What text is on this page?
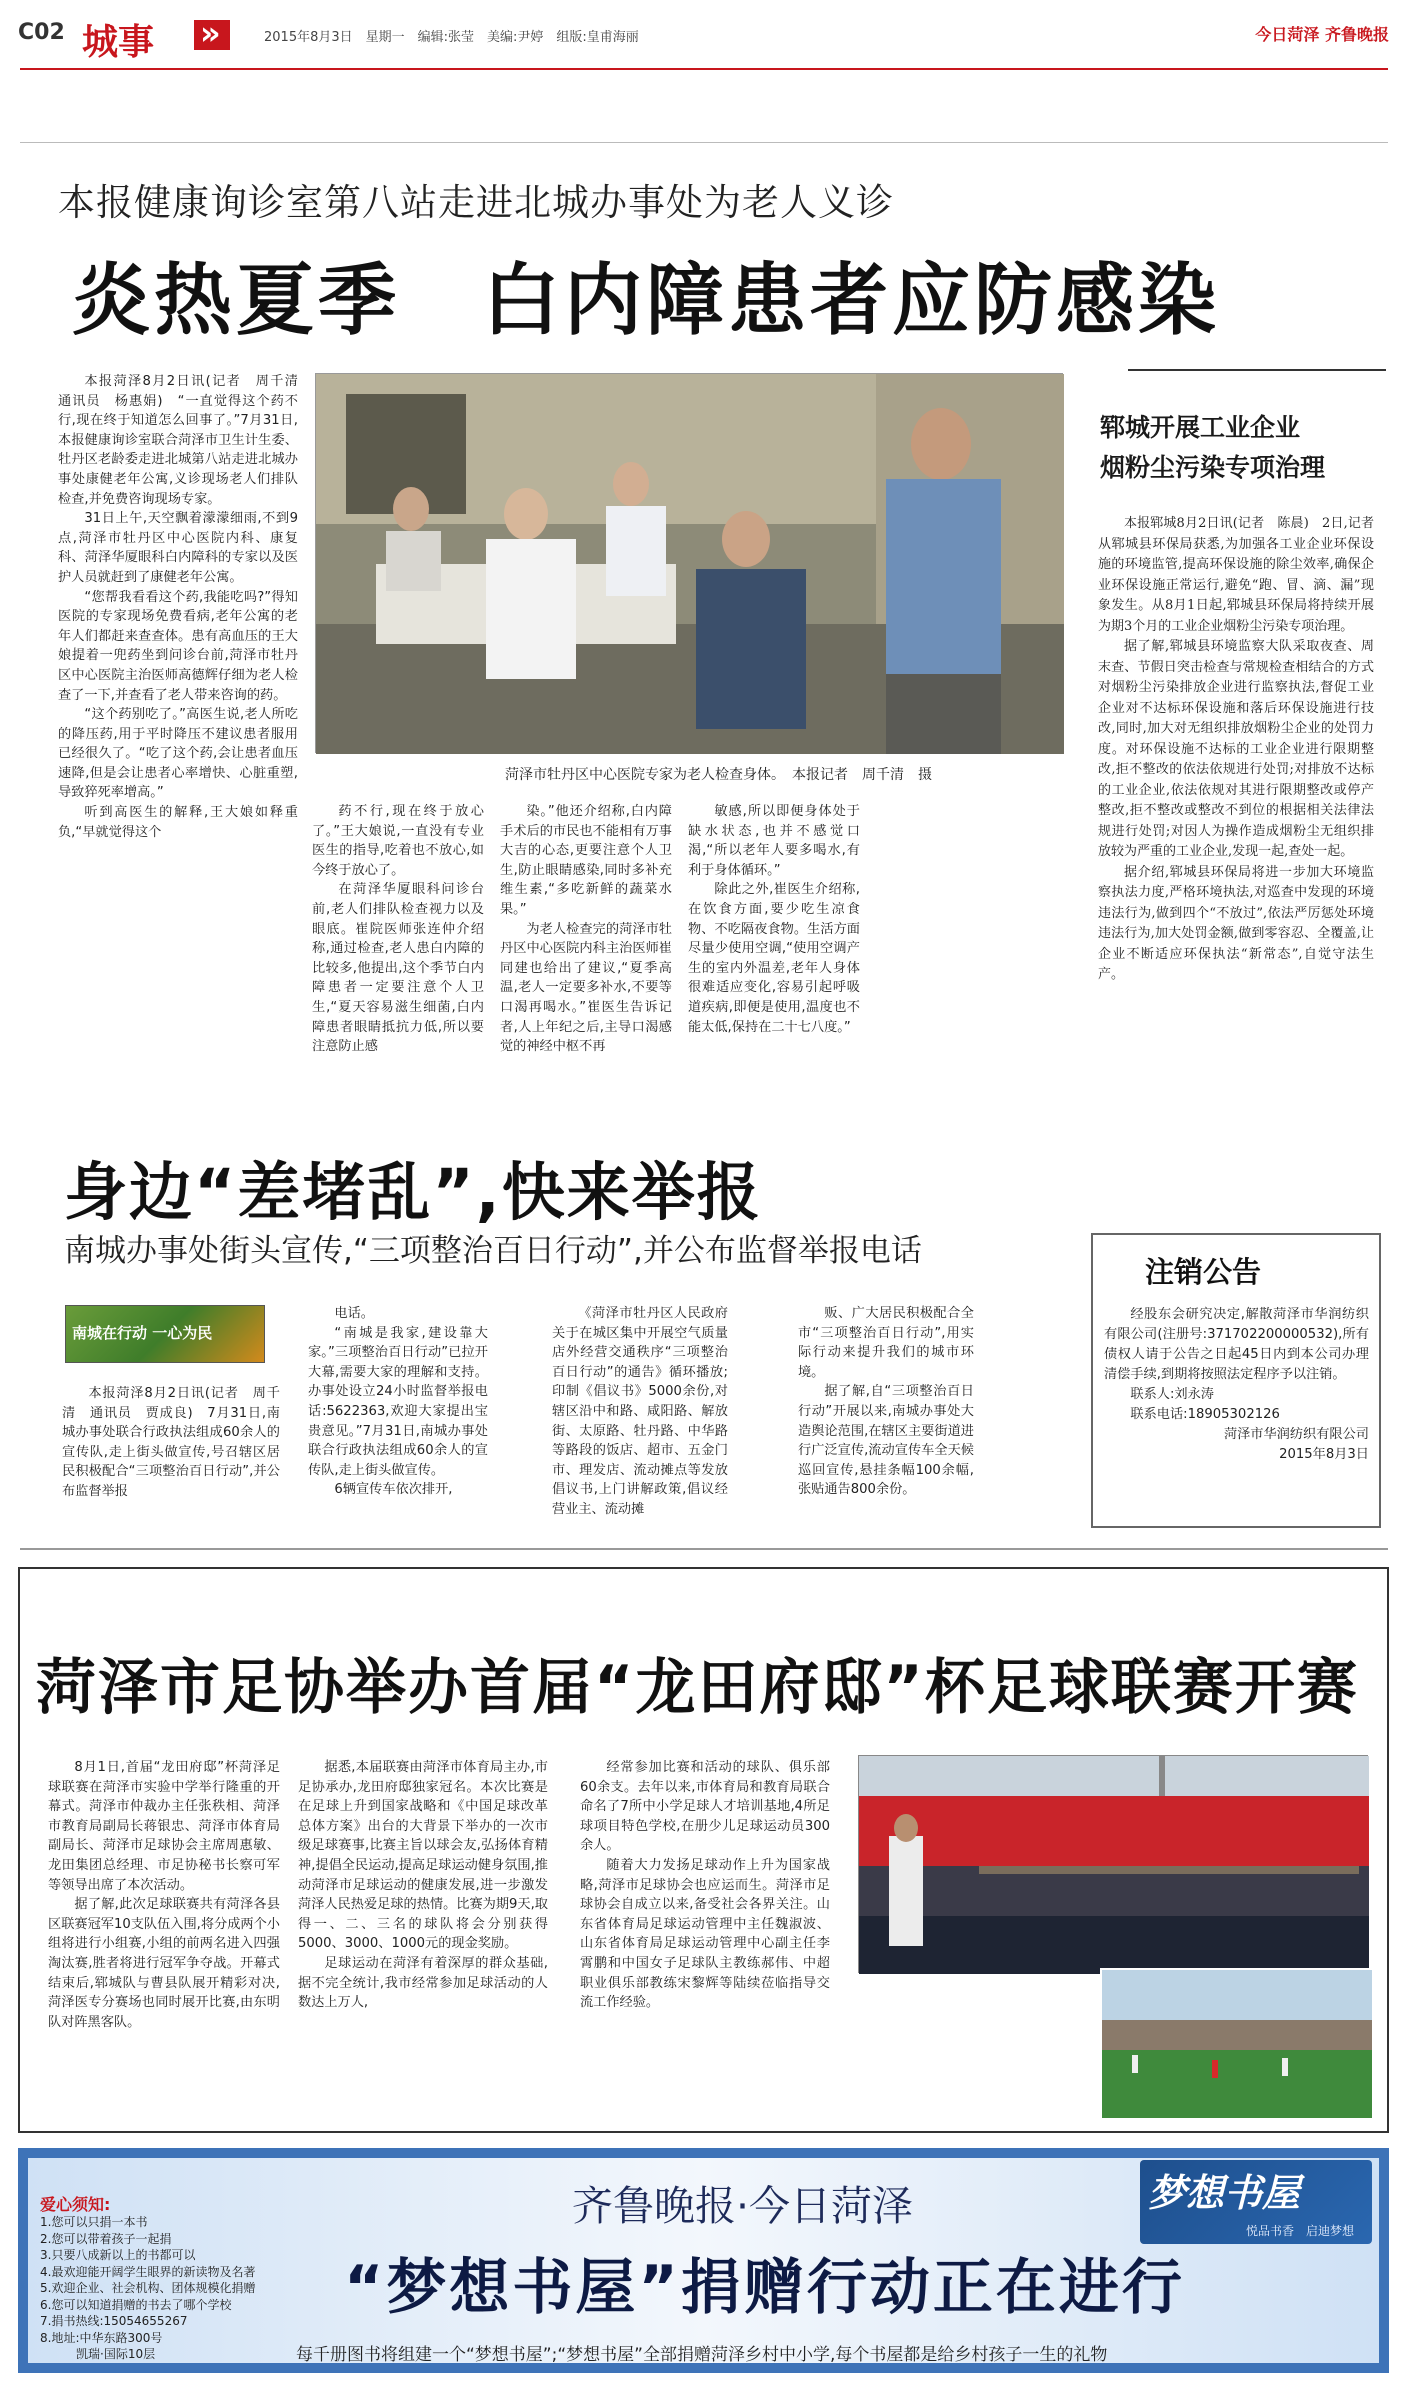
C02 城事
»	2015年8月3日　星期一　编辑:张莹　美编:尹婷　组版:皇甫海丽	今日菏泽 齐鲁晚报
本报健康询诊室第八站走进北城办事处为老人义诊
炎热夏季　白内障患者应防感染

本报菏泽8月2日讯(记者　周千清　通讯员　杨惠娟)　“一直觉得这个药不行,现在终于知道怎么回事了。”7月31日,本报健康询诊室联合菏泽市卫生计生委、牡丹区老龄委走进北城第八站走进北城办事处康健老年公寓,义诊现场老人们排队检查,并免费咨询现场专家。

31日上午,天空飘着濛濛细雨,不到9点,菏泽市牡丹区中心医院内科、康复科、菏泽华厦眼科白内障科的专家以及医护人员就赶到了康健老年公寓。

“您帮我看看这个药,我能吃吗?”得知医院的专家现场免费看病,老年公寓的老年人们都赶来查查体。患有高血压的王大娘提着一兜药坐到问诊台前,菏泽市牡丹区中心医院主治医师高德辉仔细为老人检查了一下,并查看了老人带来咨询的药。

“这个药别吃了。”高医生说,老人所吃的降压药,用于平时降压不建议患者服用已经很久了。“吃了这个药,会让患者血压速降,但是会让患者心率增快、心脏重塑,导致猝死率增高。”

听到高医生的解释,王大娘如释重负,“早就觉得这个

菏泽市牡丹区中心医院专家为老人检查身体。　本报记者　周千清　摄

药不行,现在终于放心了。”王大娘说,一直没有专业医生的指导,吃着也不放心,如今终于放心了。

在菏泽华厦眼科问诊台前,老人们排队检查视力以及眼底。崔院医师张连仲介绍称,通过检查,老人患白内障的比较多,他提出,这个季节白内障患者一定要注意个人卫生,“夏天容易滋生细菌,白内障患者眼睛抵抗力低,所以要注意防止感

染。”他还介绍称,白内障手术后的市民也不能相有万事大吉的心态,更要注意个人卫生,防止眼睛感染,同时多补充维生素,“多吃新鲜的蔬菜水果。”

为老人检查完的菏泽市牡丹区中心医院内科主治医师崔同建也给出了建议,“夏季高温,老人一定要多补水,不要等口渴再喝水。”崔医生告诉记者,人上年纪之后,主导口渴感觉的神经中枢不再

敏感,所以即便身体处于缺水状态,也并不感觉口渴,“所以老年人要多喝水,有利于身体循环。”

除此之外,崔医生介绍称,在饮食方面,要少吃生凉食物、不吃隔夜食物。生活方面尽量少使用空调,“使用空调产生的室内外温差,老年人身体很难适应变化,容易引起呼吸道疾病,即便是使用,温度也不能太低,保持在二十七八度。”

郓城开展工业企业
烟粉尘污染专项治理

本报郓城8月2日讯(记者　陈晨)　2日,记者从郓城县环保局获悉,为加强各工业企业环保设施的环境监管,提高环保设施的除尘效率,确保企业环保设施正常运行,避免“跑、冒、滴、漏”现象发生。从8月1日起,郓城县环保局将持续开展为期3个月的工业企业烟粉尘污染专项治理。

据了解,郓城县环境监察大队采取夜查、周末查、节假日突击检查与常规检查相结合的方式对烟粉尘污染排放企业进行监察执法,督促工业企业对不达标环保设施和落后环保设施进行技改,同时,加大对无组织排放烟粉尘企业的处罚力度。对环保设施不达标的工业企业进行限期整改,拒不整改的依法依规进行处罚;对排放不达标的工业企业,依法依规对其进行限期整改或停产整改,拒不整改或整改不到位的根据相关法律法规进行处罚;对因人为操作造成烟粉尘无组织排放较为严重的工业企业,发现一起,查处一起。

据介绍,郓城县环保局将进一步加大环境监察执法力度,严格环境执法,对巡查中发现的环境违法行为,做到四个“不放过”,依法严厉惩处环境违法行为,加大处罚金额,做到零容忍、全覆盖,让企业不断适应环保执法“新常态”,自觉守法生产。

注销公告

经股东会研究决定,解散菏泽市华润纺织有限公司(注册号:371702200000532),所有债权人请于公告之日起45日内到本公司办理清偿手续,到期将按照法定程序予以注销。

联系人:刘永涛

联系电话:18905302126

菏泽市华润纺织有限公司

2015年8月3日

身边“差堵乱”,快来举报
南城办事处街头宣传,“三项整治百日行动”,并公布监督举报电话
南城在行动 一心为民

本报菏泽8月2日讯(记者　周千清　通讯员　贾成良)　7月31日,南城办事处联合行政执法组成60余人的宣传队,走上街头做宣传,号召辖区居民积极配合“三项整治百日行动”,并公布监督举报

电话。

“南城是我家,建设靠大家。”三项整治百日行动”已拉开大幕,需要大家的理解和支持。办事处设立24小时监督举报电话:5622363,欢迎大家提出宝贵意见。”7月31日,南城办事处联合行政执法组成60余人的宣传队,走上街头做宣传。

6辆宣传车依次排开,

《菏泽市牡丹区人民政府关于在城区集中开展空气质量店外经营交通秩序“三项整治百日行动”的通告》循环播放;印制《倡议书》5000余份,对辖区沿中和路、咸阳路、解放街、太原路、牡丹路、中华路等路段的饭店、超市、五金门市、理发店、流动摊点等发放倡议书,上门讲解政策,倡议经营业主、流动摊

贩、广大居民积极配合全市“三项整治百日行动”,用实际行动来提升我们的城市环境。

据了解,自“三项整治百日行动”开展以来,南城办事处大造舆论范围,在辖区主要街道进行广泛宣传,流动宣传车全天候巡回宣传,悬挂条幅100余幅,张贴通告800余份。

菏泽市足协举办首届“龙田府邸”杯足球联赛开赛

8月1日,首届“龙田府邸”杯菏泽足球联赛在菏泽市实验中学举行隆重的开幕式。菏泽市仲裁办主任张秩相、菏泽市教育局副局长蒋银忠、菏泽市体育局副局长、菏泽市足球协会主席周惠敏、龙田集团总经理、市足协秘书长察可军等领导出席了本次活动。

据了解,此次足球联赛共有菏泽各县区联赛冠军10支队伍入围,将分成两个小组将进行小组赛,小组的前两名进入四强淘汰赛,胜者将进行冠军争夺战。开幕式结束后,郓城队与曹县队展开精彩对决,菏泽医专分赛场也同时展开比赛,由东明队对阵黑客队。

据悉,本届联赛由菏泽市体育局主办,市足协承办,龙田府邸独家冠名。本次比赛是在足球上升到国家战略和《中国足球改革总体方案》出台的大背景下举办的一次市级足球赛事,比赛主旨以球会友,弘扬体育精神,提倡全民运动,提高足球运动健身氛围,推动菏泽市足球运动的健康发展,进一步激发菏泽人民热爱足球的热情。比赛为期9天,取得一、二、三名的球队将会分别获得5000、3000、1000元的现金奖励。

足球运动在菏泽有着深厚的群众基础,据不完全统计,我市经常参加足球活动的人数达上万人,

经常参加比赛和活动的球队、俱乐部60余支。去年以来,市体育局和教育局联合命名了7所中小学足球人才培训基地,4所足球项目特色学校,在册少儿足球运动员300余人。

随着大力发扬足球动作上升为国家战略,菏泽市足球协会也应运而生。菏泽市足球协会自成立以来,备受社会各界关注。山东省体育局足球运动管理中主任魏淑波、山东省体育局足球运动管理中心副主任李霄鹏和中国女子足球队主教练郝伟、中超职业俱乐部教练宋黎辉等陆续莅临指导交流工作经验。

爱心须知:
1.您可以只捐一本书
2.您可以带着孩子一起捐
3.只要八成新以上的书都可以
4.最欢迎能开阔学生眼界的新读物及名著
5.欢迎企业、社会机构、团体规模化捐赠
6.您可以知道捐赠的书去了哪个学校
7.捐书热线:15054655267
8.地址:中华东路300号
　　　凯瑞·国际10层
齐鲁晚报·今日菏泽
“梦想书屋”捐赠行动正在进行
每千册图书将组建一个“梦想书屋”;“梦想书屋”全部捐赠菏泽乡村中小学,每个书屋都是给乡村孩子一生的礼物
梦想书屋
悦品书香　启迪梦想
